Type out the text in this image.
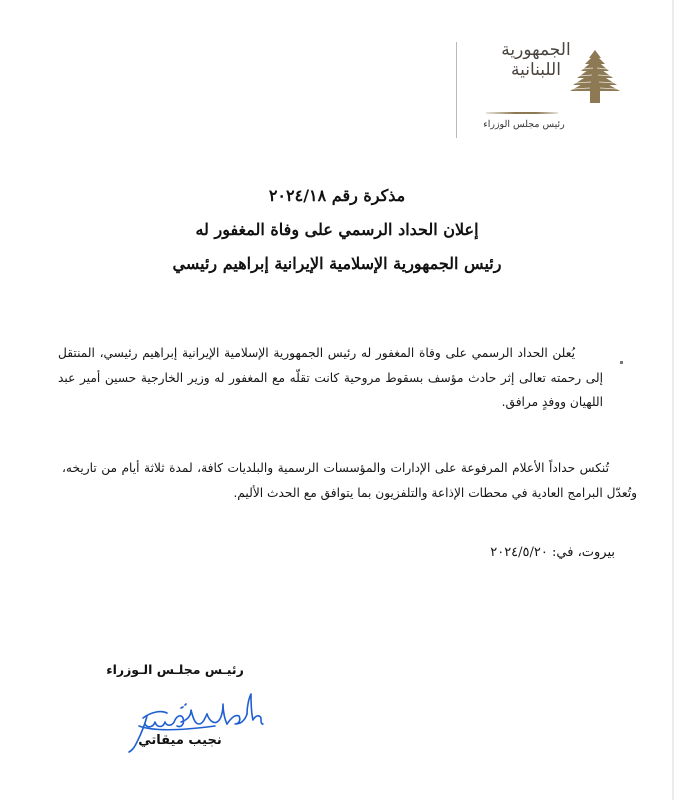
الجمهورية
اللبنانية
رئيس مجلس الوزراء
مذكرة رقم ٢٠٢٤/١٨
إعلان الحداد الرسمي على وفاة المغفور له
رئيس الجمهورية الإسلامية الإيرانية إبراهيم رئيسي
يُعلن الحداد الرسمي على وفاة المغفور له رئيس الجمهورية الإسلامية الإيرانية إبراهيم رئيسي، المنتقل إلى رحمته تعالى إثر حادث مؤسف بسقوط مروحية كانت تقلّه مع المغفور له وزير الخارجية حسين أمير عبد اللهيان ووفدٍ مرافق.
تُنكس حداداً الأعلام المرفوعة على الإدارات والمؤسسات الرسمية والبلديات كافة، لمدة ثلاثة أيام من تاريخه، وتُعدّل البرامج العادية في محطات الإذاعة والتلفزيون بما يتوافق مع الحدث الأليم.
بيروت، في: ٢٠٢٤/٥/٢٠
رئيـس مجلـس الـوزراء
نجيب ميقاتي
